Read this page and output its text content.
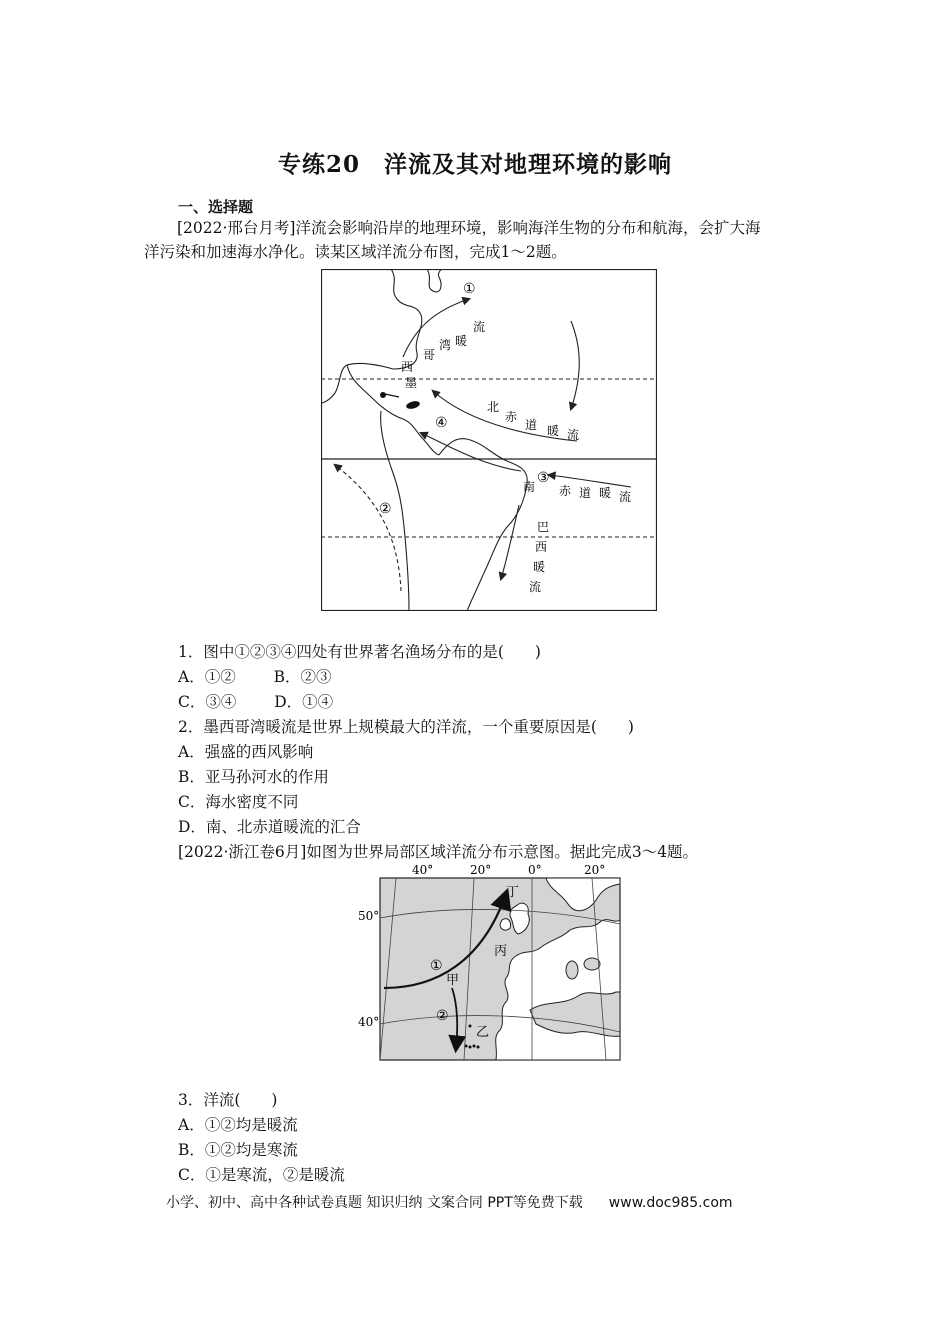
专练20　洋流及其对地理环境的影响
一、选择题
[2022·邢台月考]洋流会影响沿岸的地理环境，影响海洋生物的分布和航海，会扩大海
洋污染和加速海水净化。读某区域洋流分布图，完成1～2题。
①
②
③
④
墨
西
哥
湾 暖
流
北
赤
道 暖 流
南 赤 道 暖 流
巴
西
暖
流
1．图中①②③④四处有世界著名渔场分布的是(　　)
A．①② B．②③
C．③④ D．①④
2．墨西哥湾暖流是世界上规模最大的洋流，一个重要原因是(　　)
A．强盛的西风影响
B．亚马孙河水的作用
C．海水密度不同
D．南、北赤道暖流的汇合
[2022·浙江卷6月]如图为世界局部区域洋流分布示意图。据此完成3～4题。
40°	20°	0°	20°
50°
40°
丁
丙
甲
乙
①
②
3．洋流(　　)
A．①②均是暖流
B．①②均是寒流
C．①是寒流，②是暖流
小学、初中、高中各种试卷真题 知识归纳 文案合同 PPT等免费下载 www.doc985.com
